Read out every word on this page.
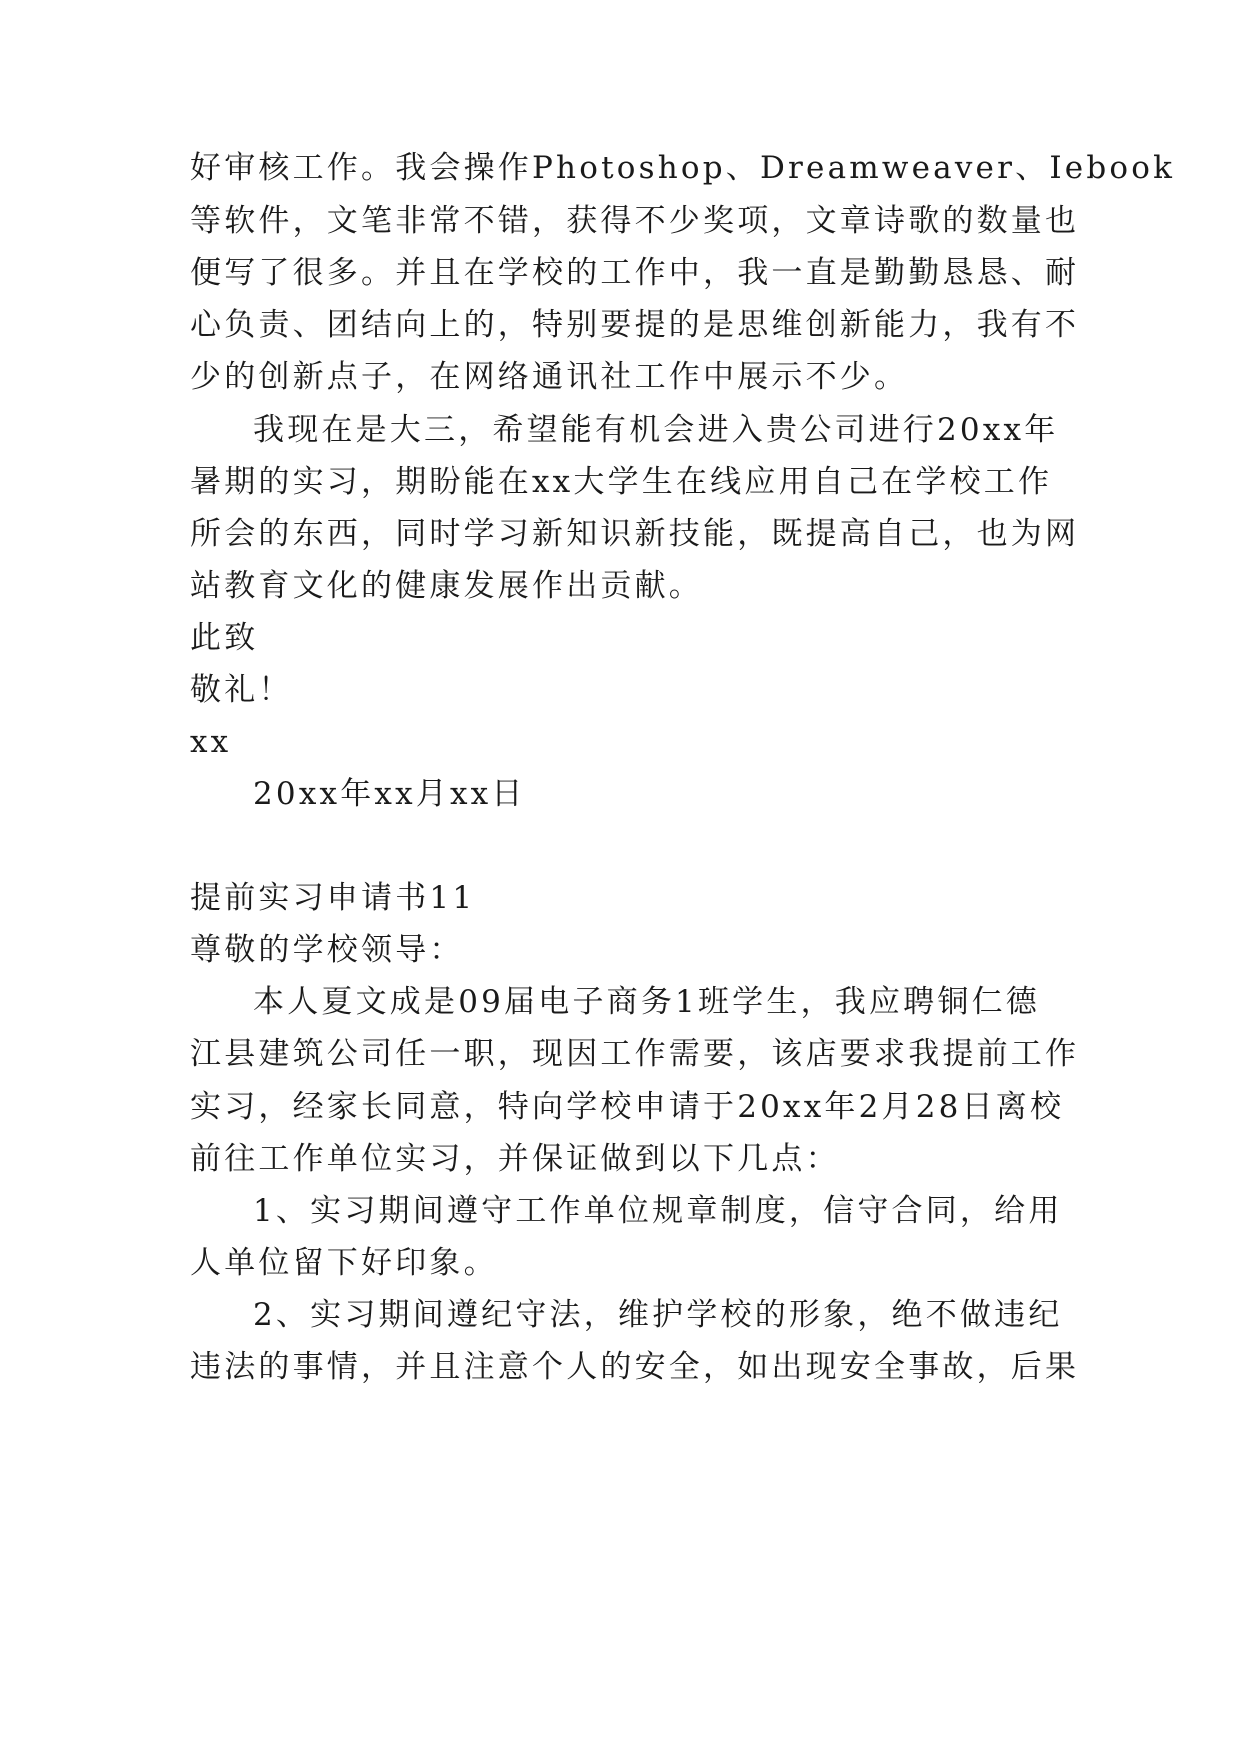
好审核工作。我会操作Photoshop、Dreamweaver、Iebook
等软件，文笔非常不错，获得不少奖项，文章诗歌的数量也
便写了很多。并且在学校的工作中，我一直是勤勤恳恳、耐
心负责、团结向上的，特别要提的是思维创新能力，我有不
少的创新点子，在网络通讯社工作中展示不少。
我现在是大三，希望能有机会进入贵公司进行20xx年
暑期的实习，期盼能在xx大学生在线应用自己在学校工作
所会的东西，同时学习新知识新技能，既提高自己，也为网
站教育文化的健康发展作出贡献。
此致
敬礼！
xx
20xx年xx月xx日
提前实习申请书11
尊敬的学校领导：
本人夏文成是09届电子商务1班学生，我应聘铜仁德
江县建筑公司任一职，现因工作需要，该店要求我提前工作
实习，经家长同意，特向学校申请于20xx年2月28日离校
前往工作单位实习，并保证做到以下几点：
1、实习期间遵守工作单位规章制度，信守合同，给用
人单位留下好印象。
2、实习期间遵纪守法，维护学校的形象，绝不做违纪
违法的事情，并且注意个人的安全，如出现安全事故，后果
